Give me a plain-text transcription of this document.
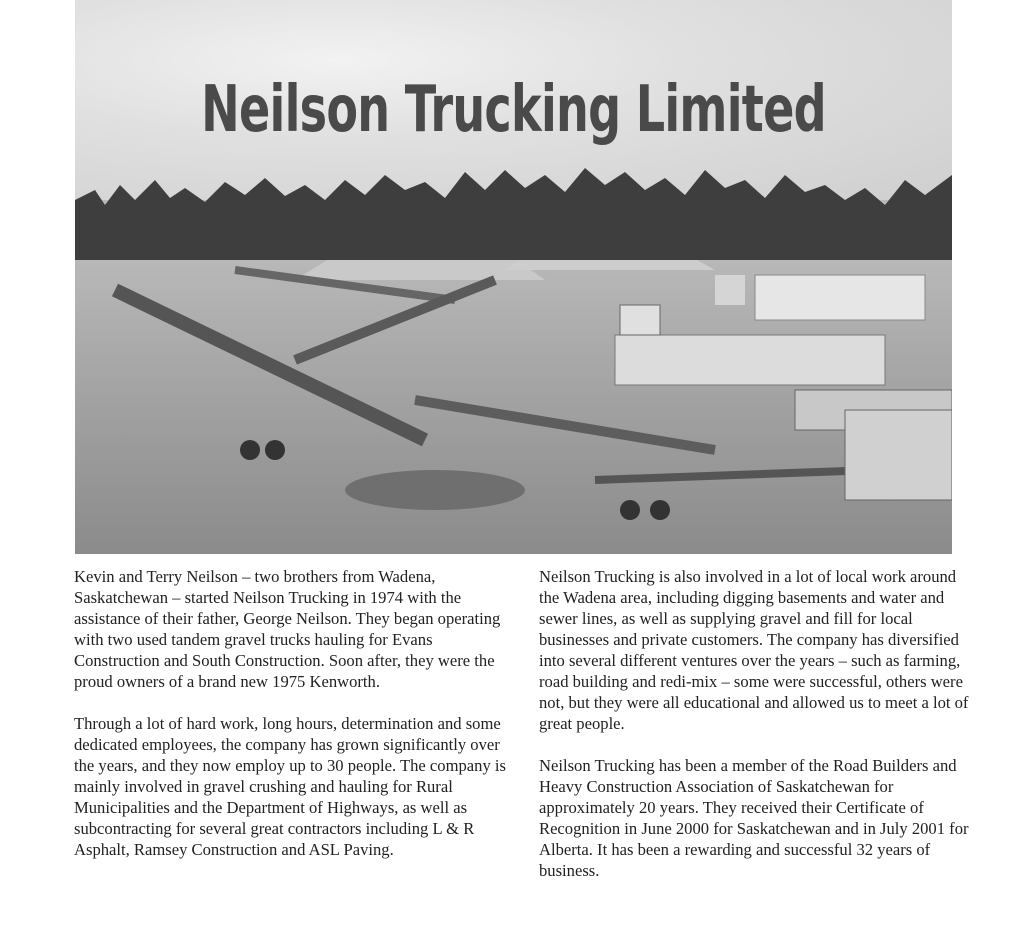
Neilson Trucking Limited

Kevin and Terry Neilson – two brothers from Wadena, Saskatchewan – started Neilson Trucking in 1974 with the assistance of their father, George Neilson. They began operating with two used tandem gravel trucks hauling for Evans Construction and South Construction. Soon after, they were the proud owners of a brand new 1975 Kenworth.

Through a lot of hard work, long hours, determination and some dedicated employees, the company has grown significantly over the years, and they now employ up to 30 people. The company is mainly involved in gravel crushing and hauling for Rural Municipalities and the Department of Highways, as well as subcontracting for several great contractors including L & R Asphalt, Ramsey Construction and ASL Paving.

Neilson Trucking is also involved in a lot of local work around the Wadena area, including digging basements and water and sewer lines, as well as supplying gravel and fill for local businesses and private customers. The company has diversified into several different ventures over the years – such as farming, road building and redi-mix – some were successful, others were not, but they were all educational and allowed us to meet a lot of great people.

Neilson Trucking has been a member of the Road Builders and Heavy Construction Association of Saskatchewan for approximately 20 years. They received their Certificate of Recognition in June 2000 for Saskatchewan and in July 2001 for Alberta. It has been a rewarding and successful 32 years of business.
